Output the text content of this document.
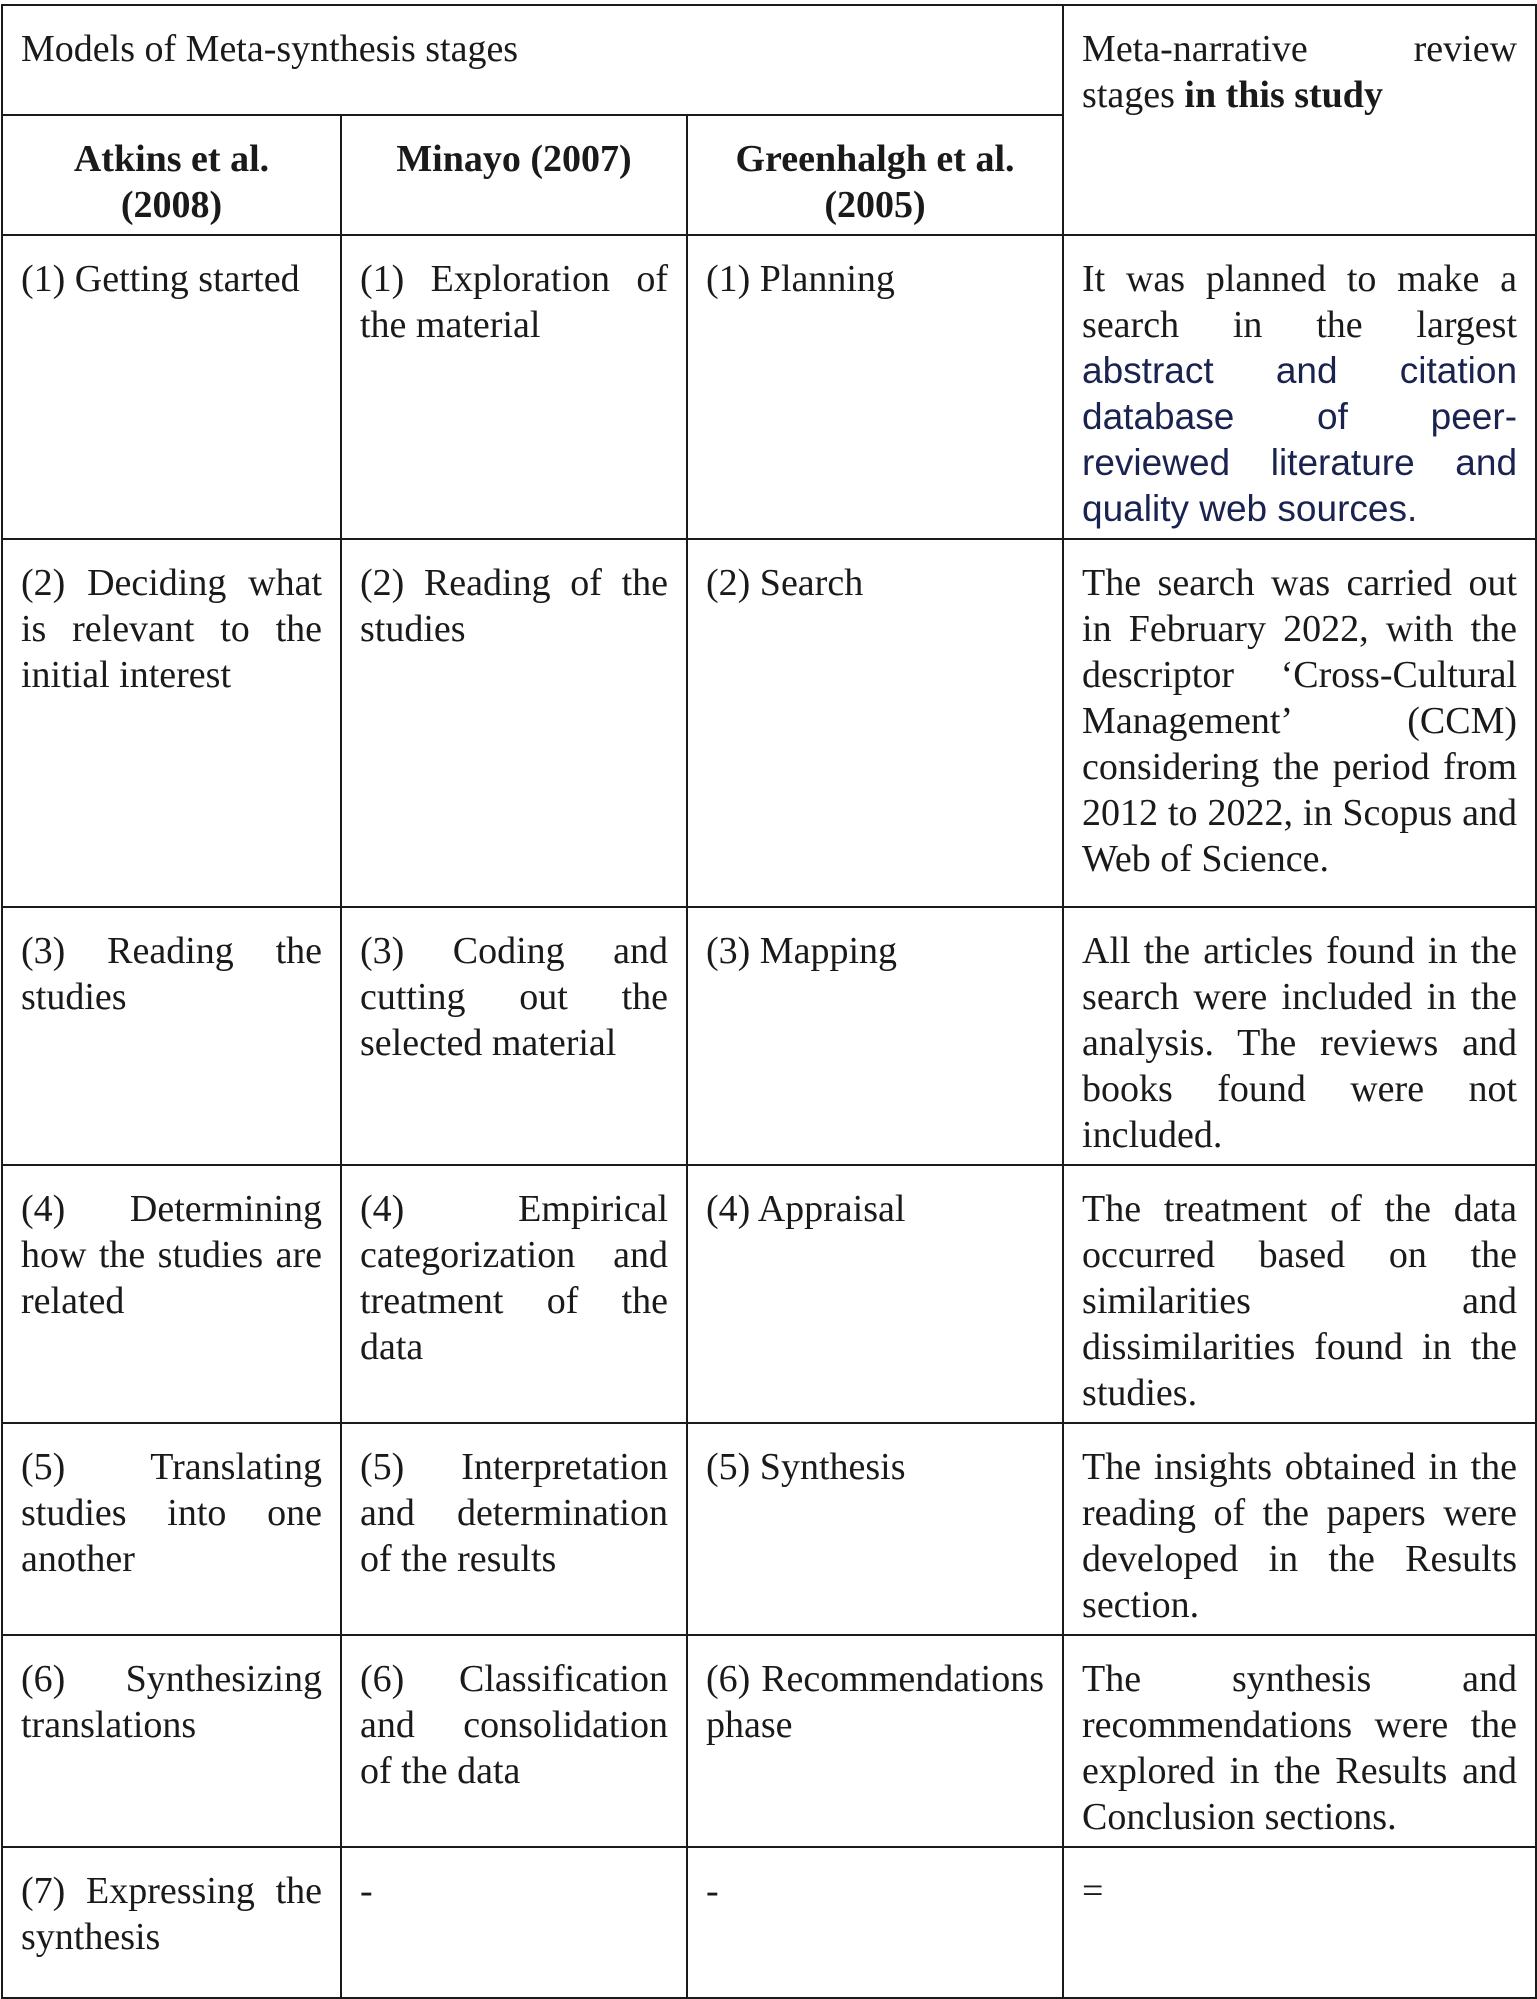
Models of Meta-synthesis stages			Meta-narrative review stages in this study
Atkins et al. (2008)	Minayo (2007)	Greenhalgh et al. (2005)	
(1) Getting started	(1) Exploration of the material	(1) Planning	It was planned to make a search in the largest abstract and citation database of peer-reviewed literature and quality web sources.
(2) Deciding what is relevant to the initial interest	(2) Reading of the studies	(2) Search	The search was carried out in February 2022, with the descriptor ‘Cross-Cultural Management’ (CCM) considering the period from 2012 to 2022, in Scopus and Web of Science.
(3) Reading the studies	(3) Coding and cutting out the selected material	(3) Mapping	All the articles found in the search were included in the analysis. The reviews and books found were not included.
(4) Determining how the studies are related	(4) Empirical categorization and treatment of the data	(4) Appraisal	The treatment of the data occurred based on the similarities and dissimilarities found in the studies.
(5) Translating studies into one another	(5) Interpretation and determination of the results	(5) Synthesis	The insights obtained in the reading of the papers were developed in the Results section.
(6) Synthesizing translations	(6) Classification and consolidation of the data	(6) Recommendations phase	The synthesis and recommendations were the explored in the Results and Conclusion sections.
(7) Expressing the synthesis	-	-	=
